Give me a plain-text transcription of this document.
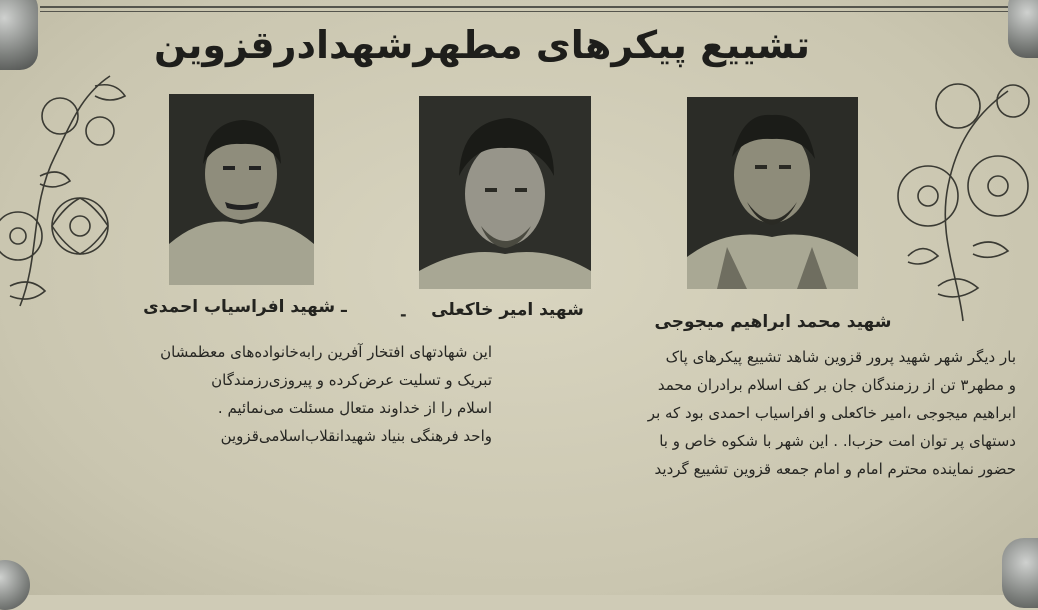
تشییع پیکرهای مطهرشهدادرقزوین
شهید محمد ابراهیم میجوجی
شهید امیر خاکعلی
ـ شهید افراسیاب احمدی	-
بار دیگر شهر شهید پرور قزوین شاهد تشییع پیکرهای پاک
و مطهر۳ تن از رزمندگان جان بر کف اسلام برادران محمد
ابراهیم میجوجی ،امیر خاکعلی و افراسیاب احمدی بود که بر
دستهای پر توان امت حزب‌ا. . این شهر با شکوه خاص و با
حضور نماینده محترم امام و امام جمعه قزوین تشییع گردید
این شهادتهای افتخار آفرین رابه‌خانواده‌های معظمشان
تبریک و تسلیت عرض‌کرده و پیروزی‌رزمندگان
اسلام را از خداوند متعال مسئلت می‌نمائیم .
واحد فرهنگی بنیاد شهیدانقلاب‌اسلامی‌قزوین
